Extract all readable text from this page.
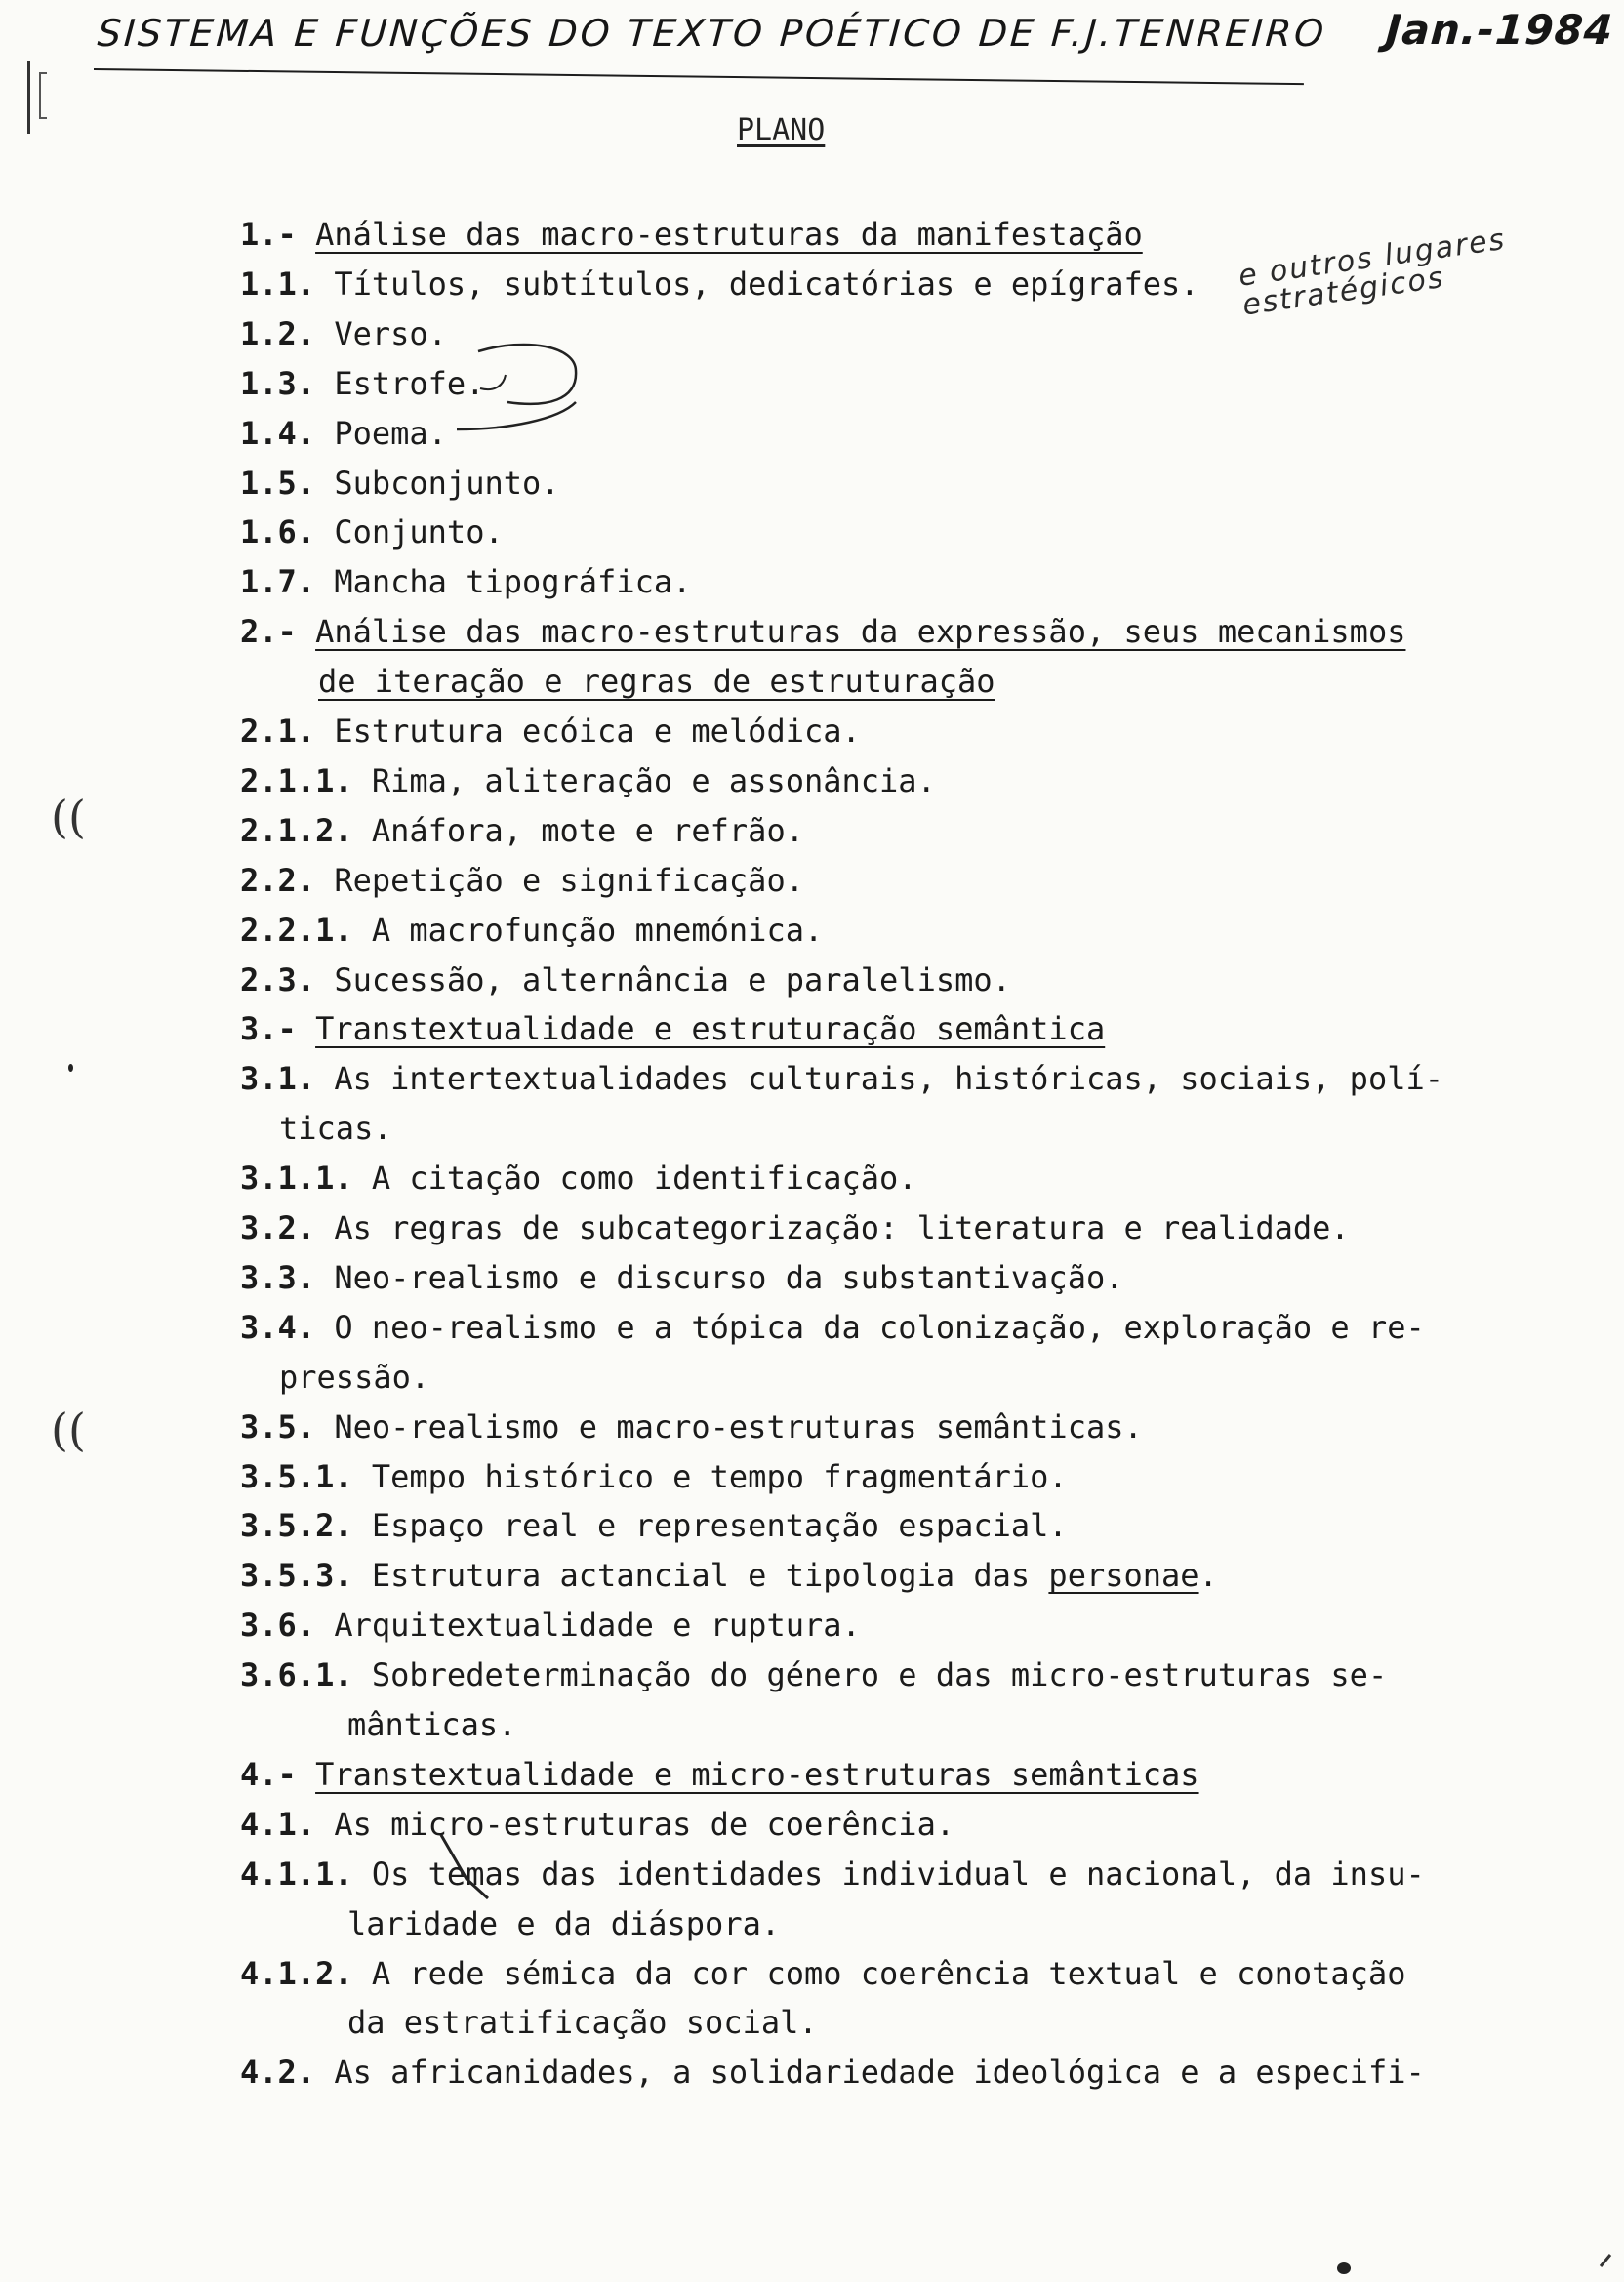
SISTEMA E FUNÇÕES DO TEXTO POÉTICO DE F.J.TENREIRO Jan.-1984
PLANO
1.- Análise das macro-estruturas da manifestação
1.1. Títulos, subtítulos, dedicatórias e epígrafes.
1.2. Verso.
1.3. Estrofe.
1.4. Poema.
1.5. Subconjunto.
1.6. Conjunto.
1.7. Mancha tipográfica.
2.- Análise das macro-estruturas da expressão, seus mecanismos
de iteração e regras de estruturação
2.1. Estrutura ecóica e melódica.
2.1.1. Rima, aliteração e assonância.
2.1.2. Anáfora, mote e refrão.
2.2. Repetição e significação.
2.2.1. A macrofunção mnemónica.
2.3. Sucessão, alternância e paralelismo.
3.- Transtextualidade e estruturação semântica
3.1. As intertextualidades culturais, históricas, sociais, polí-
ticas.
3.1.1. A citação como identificação.
3.2. As regras de subcategorização: literatura e realidade.
3.3. Neo-realismo e discurso da substantivação.
3.4. O neo-realismo e a tópica da colonização, exploração e re-
pressão.
3.5. Neo-realismo e macro-estruturas semânticas.
3.5.1. Tempo histórico e tempo fragmentário.
3.5.2. Espaço real e representação espacial.
3.5.3. Estrutura actancial e tipologia das personae.
3.6. Arquitextualidade e ruptura.
3.6.1. Sobredeterminação do género e das micro-estruturas se-
mânticas.
4.- Transtextualidade e micro-estruturas semânticas
4.1. As micro-estruturas de coerência.
4.1.1. Os temas das identidades individual e nacional, da insu-
laridade e da diáspora.
4.1.2. A rede sémica da cor como coerência textual e conotação
da estratificação social.
4.2. As africanidades, a solidariedade ideológica e a especifi-
e outros lugares estratégicos
((
((
